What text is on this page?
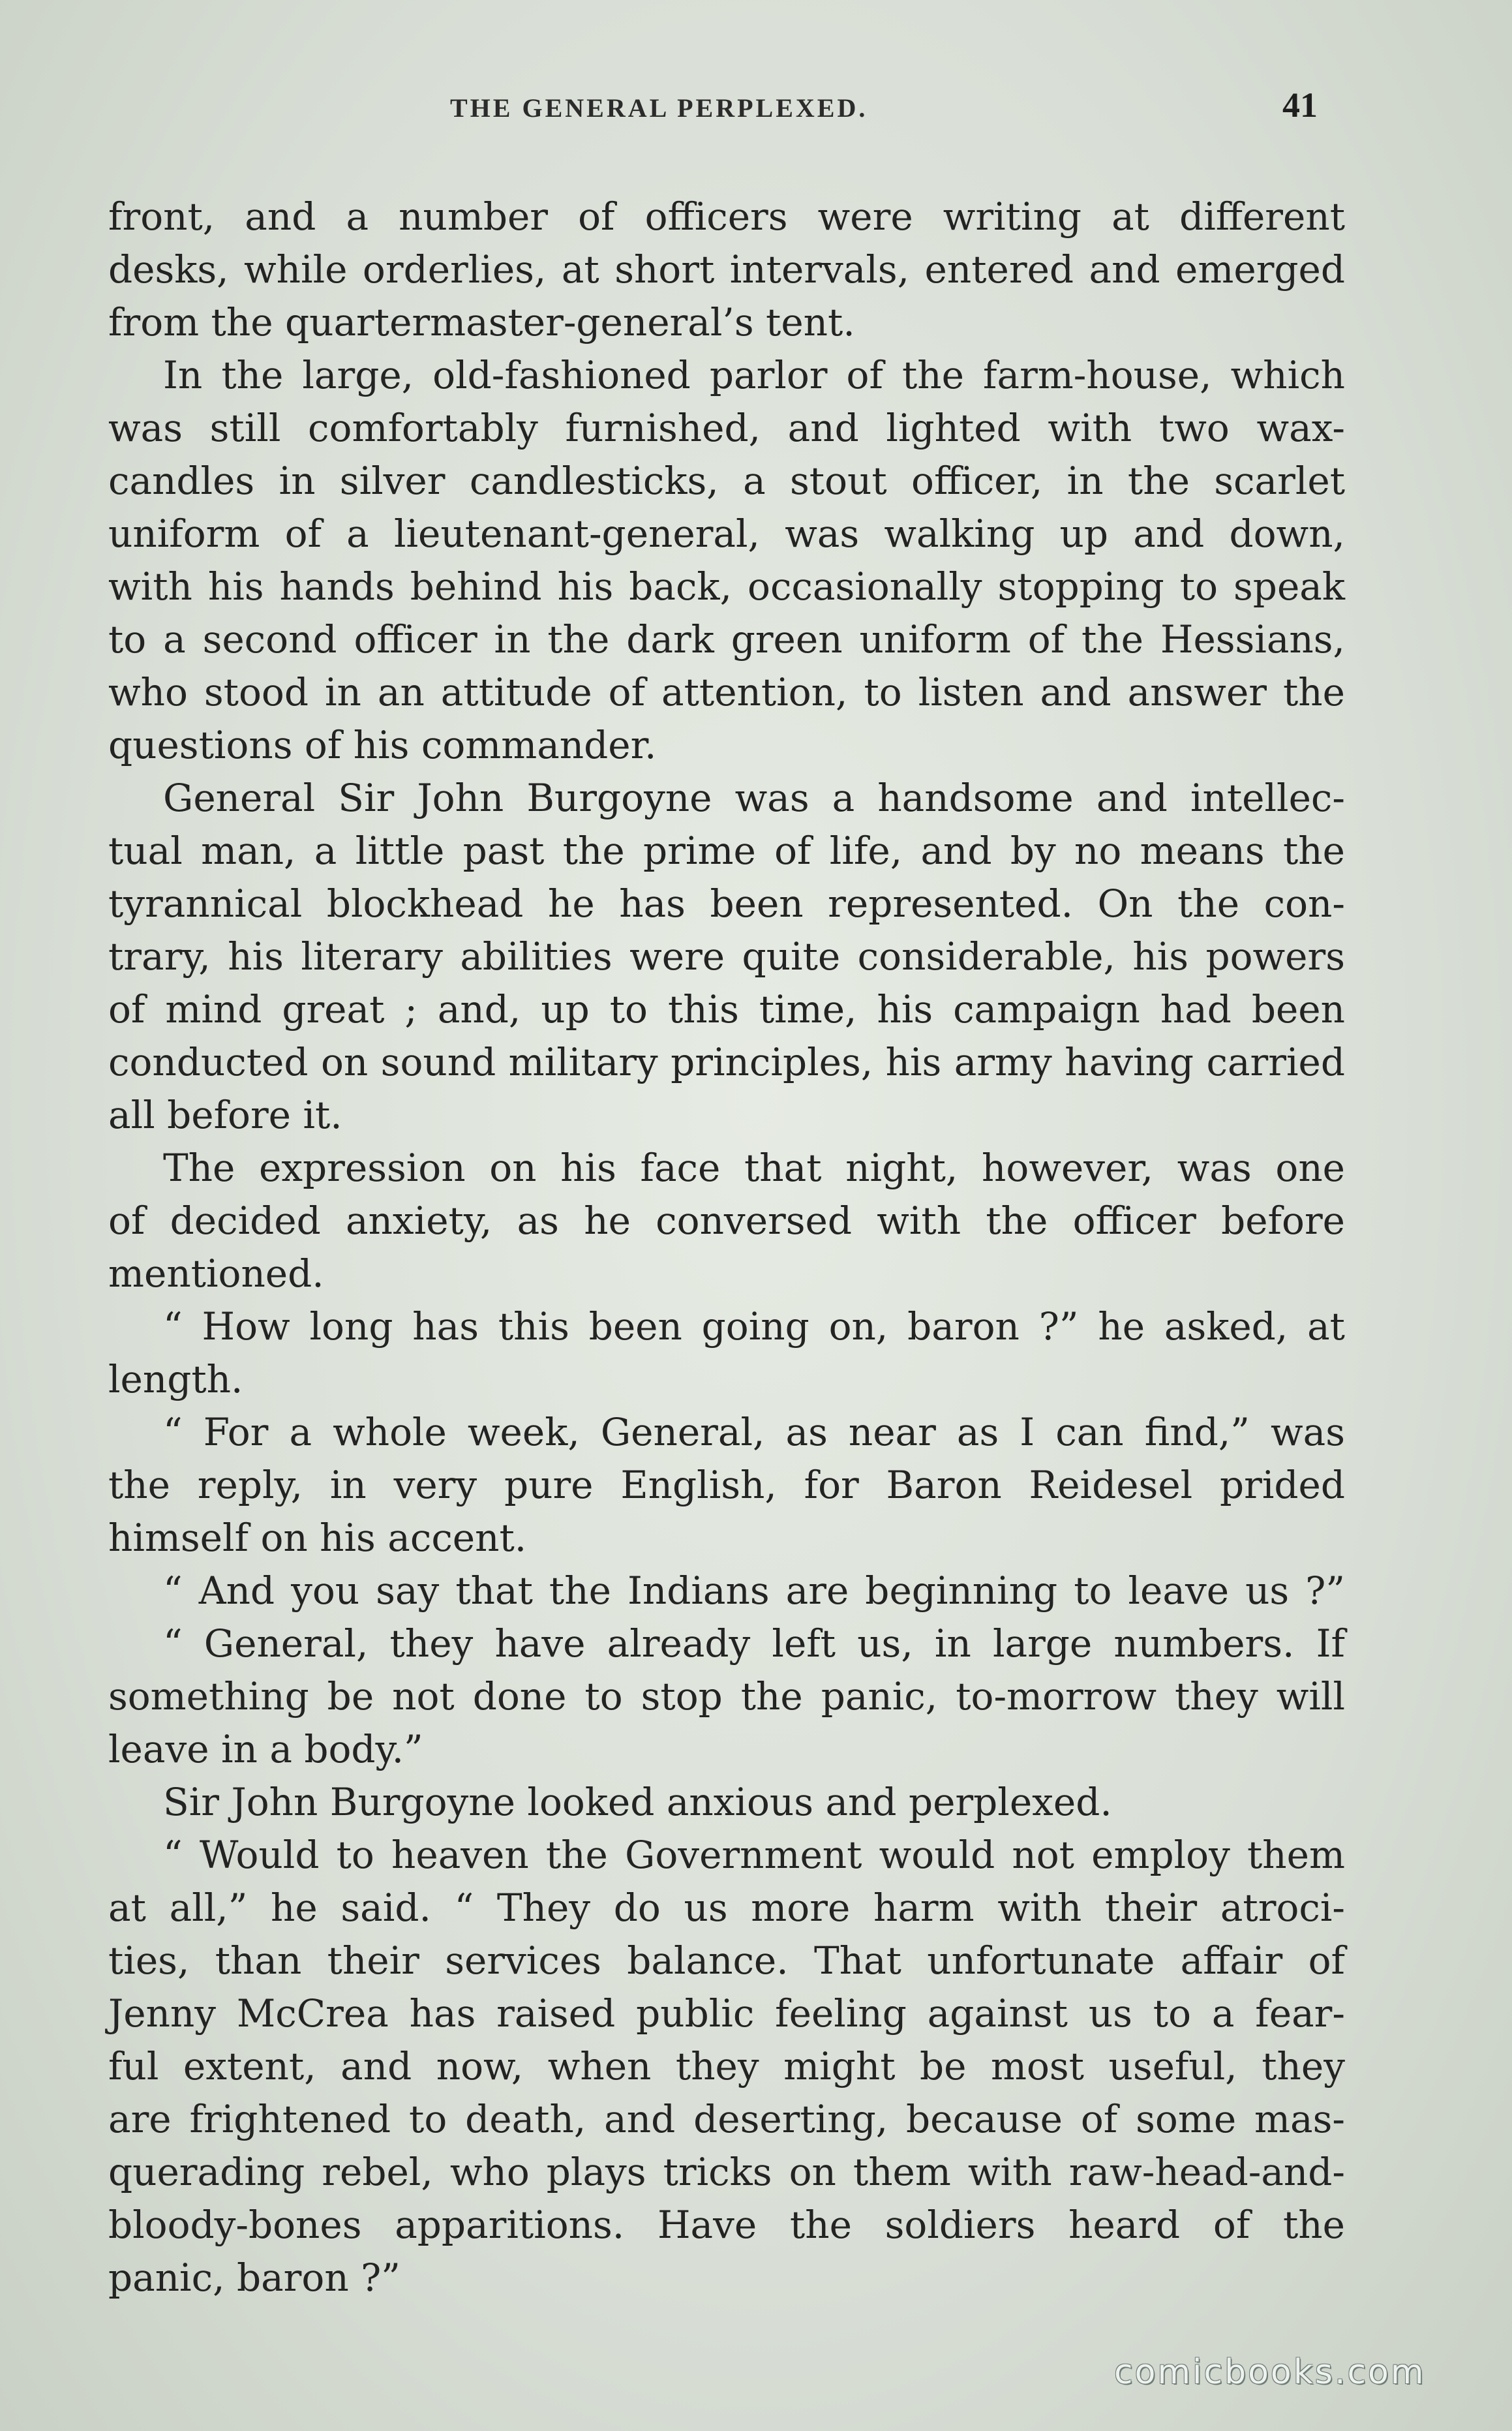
THE GENERAL PERPLEXED.	41
front, and a number of officers were writing at different
desks, while orderlies, at short intervals, entered and emerged
from the quartermaster-general’s tent.
In the large, old-fashioned parlor of the farm-house, which
was still comfortably furnished, and lighted with two wax-
candles in silver candlesticks, a stout officer, in the scarlet
uniform of a lieutenant-general, was walking up and down,
with his hands behind his back, occasionally stopping to speak
to a second officer in the dark green uniform of the Hessians,
who stood in an attitude of attention, to listen and answer the
questions of his commander.
General Sir John Burgoyne was a handsome and intellec-
tual man, a little past the prime of life, and by no means the
tyrannical blockhead he has been represented. On the con-
trary, his literary abilities were quite considerable, his powers
of mind great ; and, up to this time, his campaign had been
conducted on sound military principles, his army having carried
all before it.
The expression on his face that night, however, was one
of decided anxiety, as he conversed with the officer before
mentioned.
“ How long has this been going on, baron ?” he asked, at
length.
“ For a whole week, General, as near as I can find,” was
the reply, in very pure English, for Baron Reidesel prided
himself on his accent.
“ And you say that the Indians are beginning to leave us ?”
“ General, they have already left us, in large numbers. If
something be not done to stop the panic, to-morrow they will
leave in a body.”
Sir John Burgoyne looked anxious and perplexed.
“ Would to heaven the Government would not employ them
at all,” he said. “ They do us more harm with their atroci-
ties, than their services balance. That unfortunate affair of
Jenny McCrea has raised public feeling against us to a fear-
ful extent, and now, when they might be most useful, they
are frightened to death, and deserting, because of some mas-
querading rebel, who plays tricks on them with raw-head-and-
bloody-bones apparitions. Have the soldiers heard of the
panic, baron ?”
comicbooks.com
